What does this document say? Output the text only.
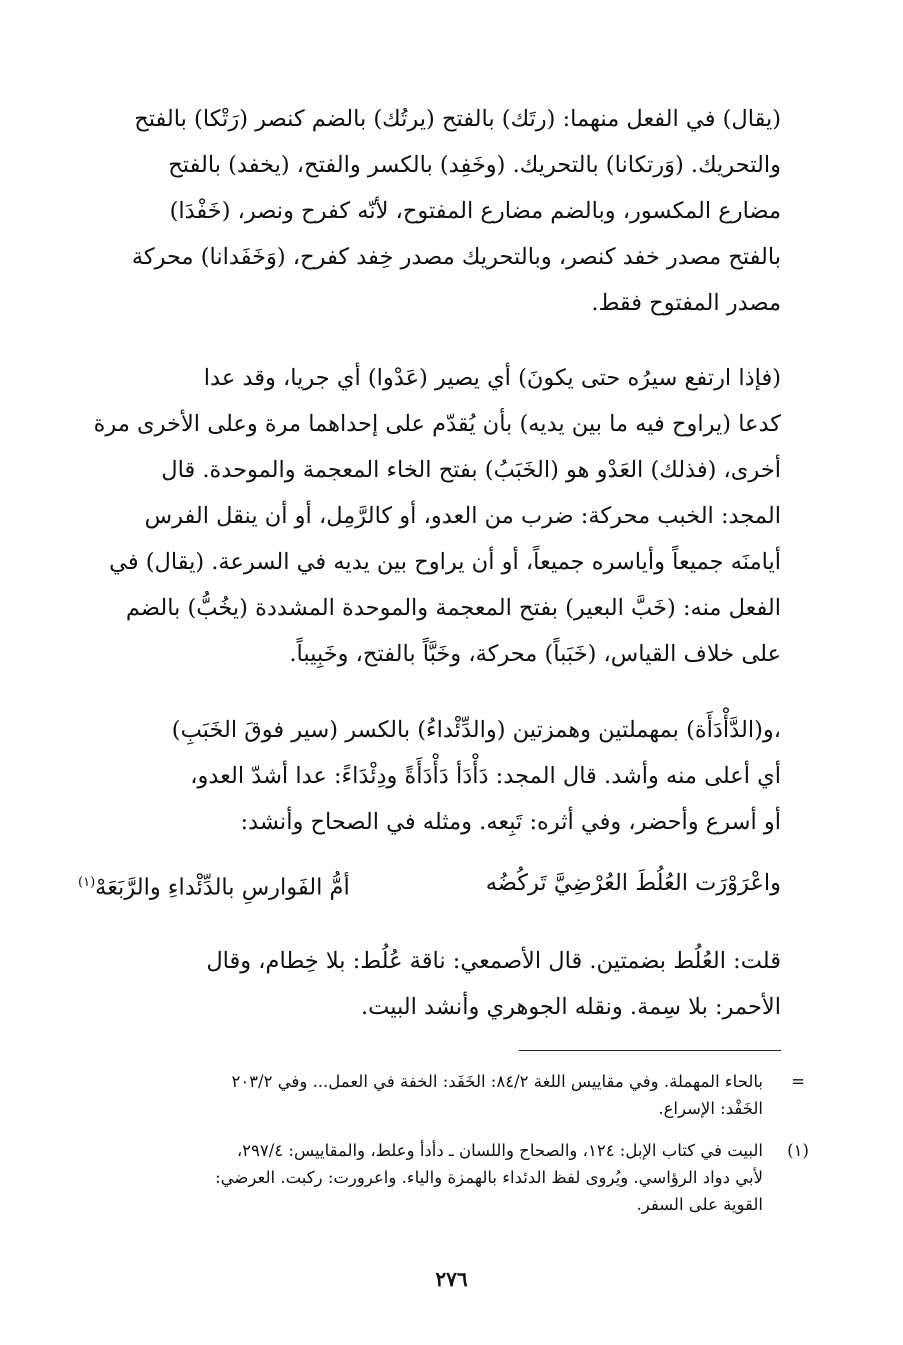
(يقال) في الفعل منهما: (رتَك) بالفتح (يرتُك) بالضم كنصر (رَتْكا) بالفتح

والتحريك. (وَرتكانا) بالتحريك. (وخَفِد) بالكسر والفتح، (يخفد) بالفتح

مضارع المكسور، وبالضم مضارع المفتوح، لأنّه كفرح ونصر، (خَفْدَا)

بالفتح مصدر خفد كنصر، وبالتحريك مصدر خِفد كفرح، (وَخَفَدانا) محركة

مصدر المفتوح فقط.

(فإذا ارتفع سيرُه حتى يكونَ) أي يصير (عَدْوا) أي جريا، وقد عدا

كدعا (يراوح فيه ما بين يديه) بأن يُقدّم على إحداهما مرة وعلى الأخرى مرة

أخرى، (فذلك) العَدْو هو (الخَبَبُ) بفتح الخاء المعجمة والموحدة. قال

المجد: الخبب محركة: ضرب من العدو، أو كالرَّمِل، أو أن ينقل الفرس

أيامنَه جميعاً وأياسره جميعاً، أو أن يراوح بين يديه في السرعة. (يقال) في

الفعل منه: (خَبَّ البعير) بفتح المعجمة والموحدة المشددة (يخُبُّ) بالضم

على خلاف القياس، (خَبَباً) محركة، وخَبَّاً بالفتح، وخَبِيباً.

،و(الدَّأْدَأَة) بمهملتين وهمزتين (والدِّئْداءُ) بالكسر (سير فوقَ الخَبَبِ)

أي أعلى منه وأشد. قال المجد: دَأْدَأ دَأْدَأَةً ودِئْدَاءً: عدا أشدّ العدو،

أو أسرع وأحضر، وفي أثره: تَبِعه. ومثله في الصحاح وأنشد:

واعْرَوْرَت العُلُطَ العُرْضِيَّ تَركُضُه
أمُّ الفَوارسِ بالدِّئْداءِ والرَّبَعَهْ$^{(١)}$

قلت: العُلُط بضمتين. قال الأصمعي: ناقة عُلُط: بلا خِطام، وقال

الأحمر: بلا سِمة. ونقله الجوهري وأنشد البيت.

=
بالحاء المهملة. وفي مقاييس اللغة ٨٤/٢: الخَفَد: الخفة في العمل... وفي ٢٠٣/٢
الخَفْد: الإسراع.
(١)
البيت في كتاب الإبل: ١٢٤، والصحاح واللسان ـ دأدأ وعلط، والمقاييس: ٢٩٧/٤،
لأبي دواد الرؤاسي. ويُروى لفظ الدئداء بالهمزة والياء. واعرورت: ركبت. العرضي:
القوية على السفر.
٢٧٦
